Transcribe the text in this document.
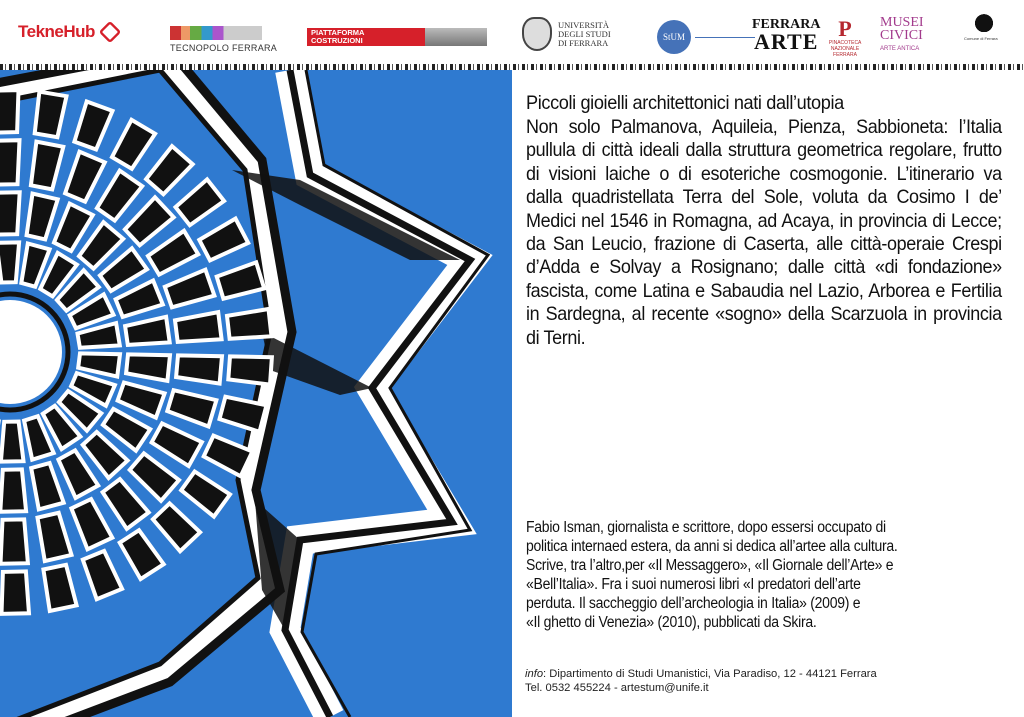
TekneHub
TECNOPOLO FERRARA
PIATTAFORMA
COSTRUZIONI
UNIVERSITÀ
DEGLI STUDI
DI FERRARA
StUM
FERRARA
ARTE
P
PINACOTECA NAZIONALE FERRARA
MUSEI
CIVICI
ARTE ANTICA
Comune di Ferrara
Piccoli gioielli architettonici nati dall’utopia
Non solo Palmanova, Aquileia, Pienza, Sabbioneta: l’Italia pullula di città ideali dalla struttura geometrica regolare, frutto di visioni laiche o di esoteriche cosmogonie. L’itinerario va dalla quadristellata Terra del Sole, voluta da Cosimo I de’ Medici nel 1546 in Romagna, ad Acaya, in provincia di Lecce; da San Leucio, frazione di Caserta, alle città-operaie Crespi d’Adda e Solvay a Rosignano; dalle città «di fondazione» fascista, come Latina e Sabaudia nel Lazio, Arborea e Fertilia in Sardegna, al recente «sogno» della Scarzuola in provincia di Terni.
Fabio Isman, giornalista e scrittore, dopo essersi occupato di
politica internaed estera, da anni si dedica all’artee alla cultura.
Scrive, tra l’altro,per «Il Messaggero», «Il Giornale dell’Arte» e
«Bell’Italia». Fra i suoi numerosi libri «I predatori dell’arte
perduta. Il saccheggio dell’archeologia in Italia» (2009) e
«Il ghetto di Venezia» (2010), pubblicati da Skira.
info: Dipartimento di Studi Umanistici, Via Paradiso, 12 - 44121 Ferrara
Tel. 0532 455224 - artestum@unife.it
